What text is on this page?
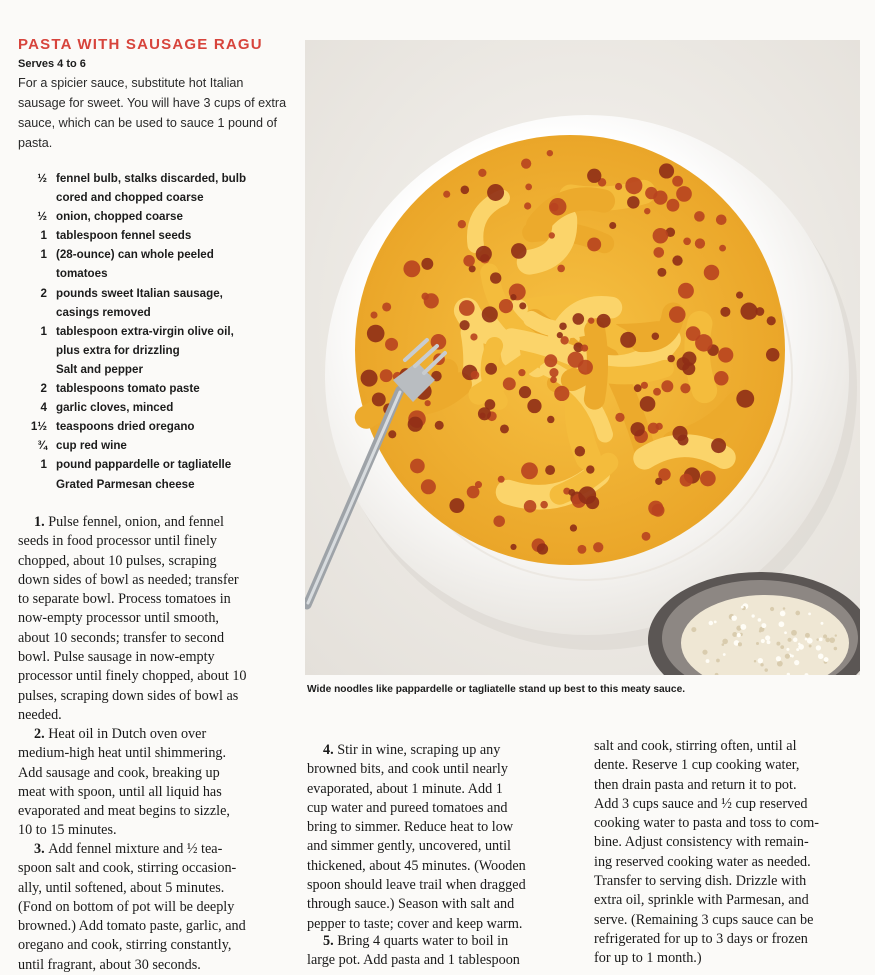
PASTA WITH SAUSAGE RAGU
Serves 4 to 6

For a spicier sauce, substitute hot Italian sausage for sweet. You will have 3 cups of extra sauce, which can be used to sauce 1 pound of pasta.

½ fennel bulb, stalks discarded, bulb
cored and chopped coarse
½ onion, chopped coarse
1 tablespoon fennel seeds
1 (28-ounce) can whole peeled
tomatoes
2 pounds sweet Italian sausage,
casings removed
1 tablespoon extra-virgin olive oil,
plus extra for drizzling
Salt and pepper
2 tablespoons tomato paste
4 garlic cloves, minced
1½ teaspoons dried oregano
¾ cup red wine
1 pound pappardelle or tagliatelle
Grated Parmesan cheese

1. Pulse fennel, onion, and fennel
seeds in food processor until finely
chopped, about 10 pulses, scraping
down sides of bowl as needed; transfer
to separate bowl. Process tomatoes in
now-empty processor until smooth,
about 10 seconds; transfer to second
bowl. Pulse sausage in now-empty
processor until finely chopped, about 10
pulses, scraping down sides of bowl as
needed.

2. Heat oil in Dutch oven over
medium-high heat until shimmering.
Add sausage and cook, breaking up
meat with spoon, until all liquid has
evaporated and meat begins to sizzle,
10 to 15 minutes.

3. Add fennel mixture and ½ tea-
spoon salt and cook, stirring occasion-
ally, until softened, about 5 minutes.
(Fond on bottom of pot will be deeply
browned.) Add tomato paste, garlic, and
oregano and cook, stirring constantly,
until fragrant, about 30 seconds.

4. Stir in wine, scraping up any
browned bits, and cook until nearly
evaporated, about 1 minute. Add 1
cup water and pureed tomatoes and
bring to simmer. Reduce heat to low
and simmer gently, uncovered, until
thickened, about 45 minutes. (Wooden
spoon should leave trail when dragged
through sauce.) Season with salt and
pepper to taste; cover and keep warm.

5. Bring 4 quarts water to boil in
large pot. Add pasta and 1 tablespoon

salt and cook, stirring often, until al
dente. Reserve 1 cup cooking water,
then drain pasta and return it to pot.
Add 3 cups sauce and ½ cup reserved
cooking water to pasta and toss to com-
bine. Adjust consistency with remain-
ing reserved cooking water as needed.
Transfer to serving dish. Drizzle with
extra oil, sprinkle with Parmesan, and
serve. (Remaining 3 cups sauce can be
refrigerated for up to 3 days or frozen
for up to 1 month.)

Wide noodles like pappardelle or tagliatelle stand up best to this meaty sauce.
